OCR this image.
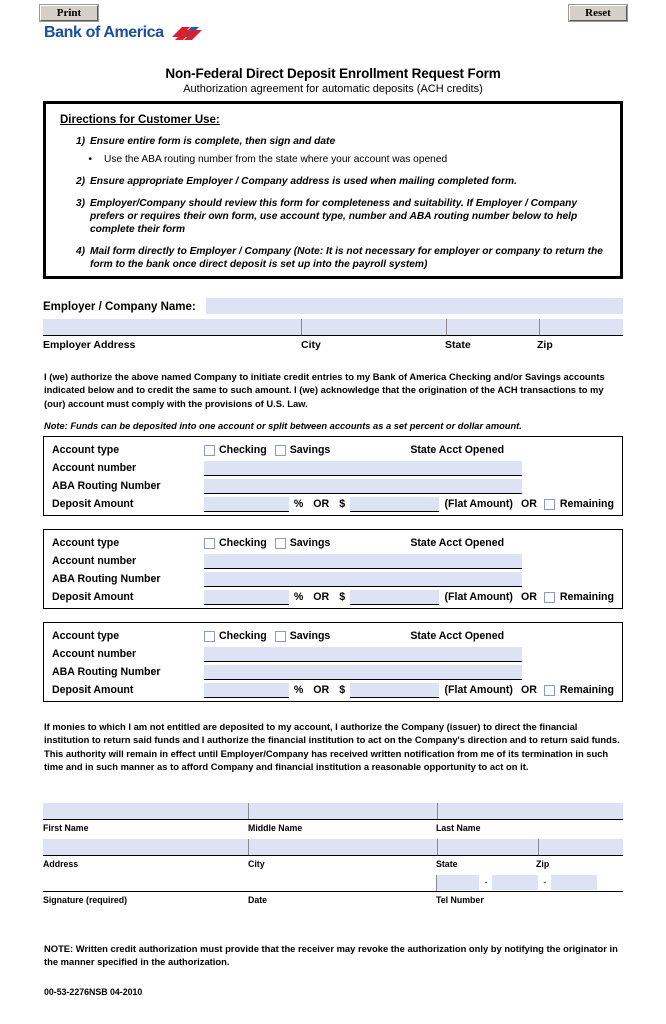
Print	Reset
Bank of America
Non-Federal Direct Deposit Enrollment Request Form
Authorization agreement for automatic deposits (ACH credits)
Directions for Customer Use:
1) Ensure entire form is complete, then sign and date
•	Use the ABA routing number from the state where your account was opened
2) Ensure appropriate Employer / Company address is used when mailing completed form.
3) Employer/Company should review this form for completeness and suitability. If Employer / Company prefers or requires their own form, use account type, number and ABA routing number below to help complete their form
4) Mail form directly to Employer / Company (Note: It is not necessary for employer or company to return the form to the bank once direct deposit is set up into the payroll system)
Employer / Company Name:
Employer Address	City	State	Zip
I (we) authorize the above named Company to initiate credit entries to my Bank of America Checking and/or Savings accounts indicated below and to credit the same to such amount. I (we) acknowledge that the origination of the ACH transactions to my (our) account must comply with the provisions of U.S. Law.
Note: Funds can be deposited into one account or split between accounts as a set percent or dollar amount.
Account type	Checking Savings	State Acct Opened
Account number
ABA Routing Number
Deposit Amount	% OR $	(Flat Amount) OR Remaining
Account type	Checking Savings	State Acct Opened
Account number
ABA Routing Number
Deposit Amount	% OR $	(Flat Amount) OR Remaining
Account type	Checking Savings	State Acct Opened
Account number
ABA Routing Number
Deposit Amount	% OR $	(Flat Amount) OR Remaining
If monies to which I am not entitled are deposited to my account, I authorize the Company (issuer) to direct the financial institution to return said funds and I authorize the financial institution to act on the Company's direction and to return said funds. This authority will remain in effect until Employer/Company has received written notification from me of its termination in such time and in such manner as to afford Company and financial institution a reasonable opportunity to act on it.
First Name	Middle Name	Last Name
Address	City	State	Zip
-	-
Signature (required)	Date	Tel Number
NOTE: Written credit authorization must provide that the receiver may revoke the authorization only by notifying the originator in the manner specified in the authorization.
00-53-2276NSB 04-2010
